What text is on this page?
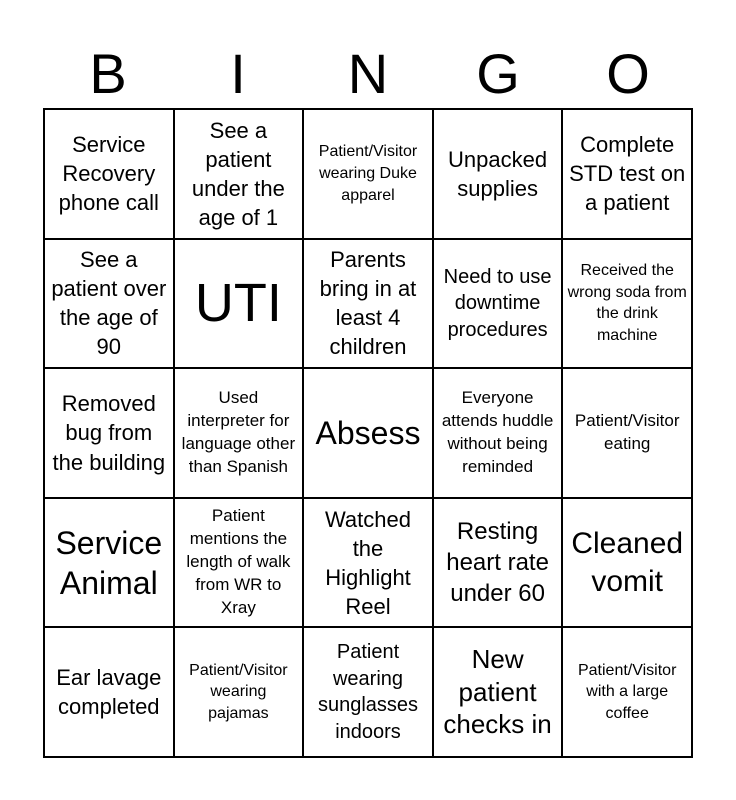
B	I	N	G	O
Service Recovery phone call
See a patient under the age of 1
Patient/Visitor wearing Duke apparel
Unpacked supplies
Complete STD test on a patient
See a patient over the age of 90
UTI
Parents bring in at least 4 children
Need to use downtime procedures
Received the wrong soda from the drink machine
Removed bug from the building
Used interpreter for language other than Spanish
Absess
Everyone attends huddle without being reminded
Patient/Visitor eating
Service Animal
Patient mentions the length of walk from WR to Xray
Watched the Highlight Reel
Resting heart rate under 60
Cleaned vomit
Ear lavage completed
Patient/Visitor wearing pajamas
Patient wearing sunglasses indoors
New patient checks in
Patient/Visitor with a large coffee
